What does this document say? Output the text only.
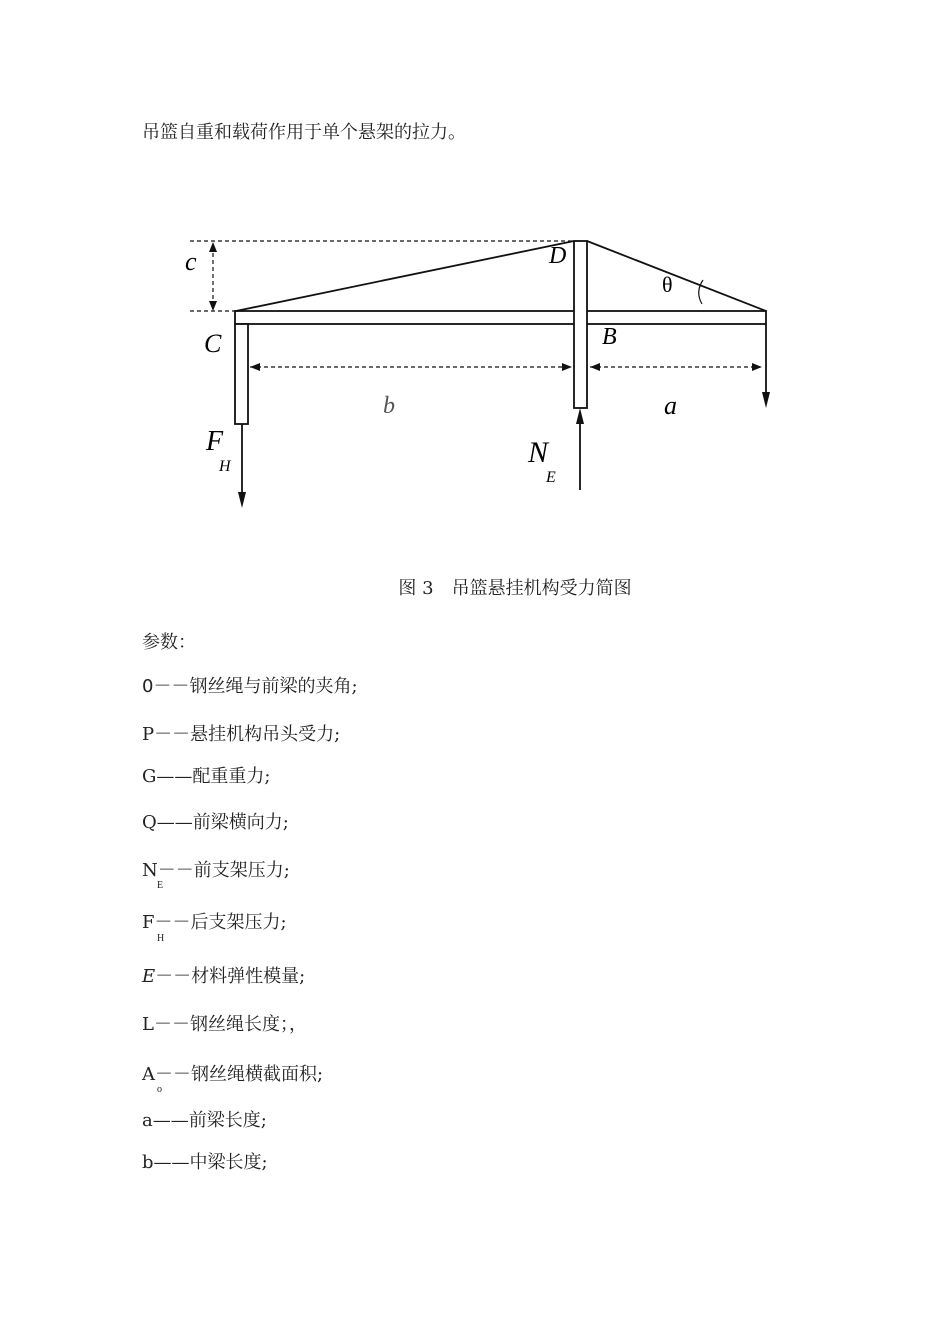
吊篮自重和载荷作用于单个悬架的拉力。
c	D
θ
C	B
b	a
F
H	N
E
图 3　吊篮悬挂机构受力简图
参数：
0－－钢丝绳与前梁的夹角;
P－－悬挂机构吊头受力;
G——配重重力;
Q——前梁横向力;
N－－前支架压力;
E
F－－后支架压力;
H
E－－材料弹性模量;
L－－钢丝绳长度；，
A－－钢丝绳横截面积;
o
a——前梁长度;
b——中梁长度;
